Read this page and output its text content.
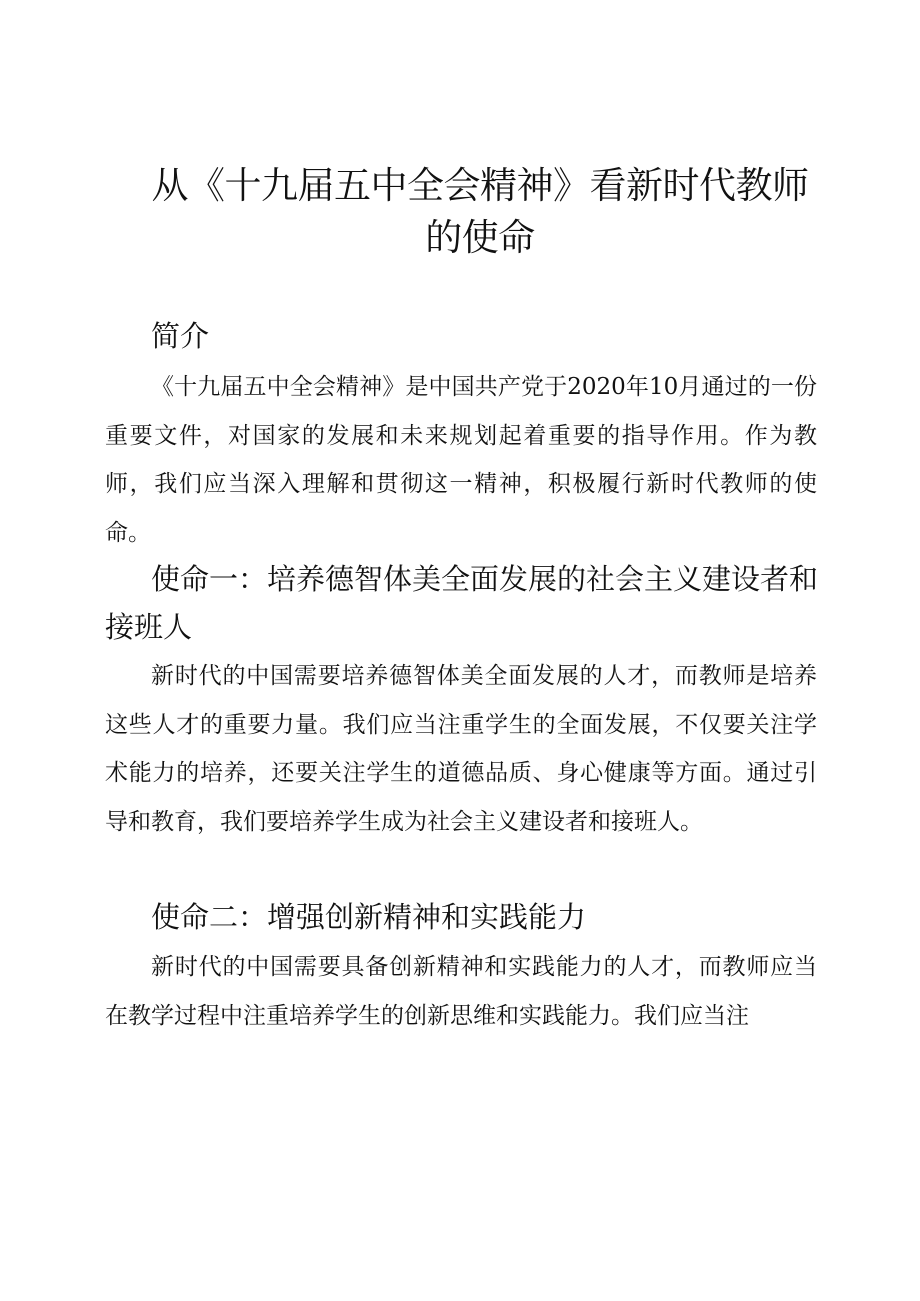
从《十九届五中全会精神》看新时代教师的使命
简介

《十九届五中全会精神》是中国共产党于2020年10月通过的一份重要文件，对国家的发展和未来规划起着重要的指导作用。作为教师，我们应当深入理解和贯彻这一精神，积极履行新时代教师的使命。

使命一：培养德智体美全面发展的社会主义建设者和接班人

新时代的中国需要培养德智体美全面发展的人才，而教师是培养这些人才的重要力量。我们应当注重学生的全面发展，不仅要关注学术能力的培养，还要关注学生的道德品质、身心健康等方面。通过引导和教育，我们要培养学生成为社会主义建设者和接班人。

使命二：增强创新精神和实践能力

新时代的中国需要具备创新精神和实践能力的人才，而教师应当在教学过程中注重培养学生的创新思维和实践能力。我们应当注
